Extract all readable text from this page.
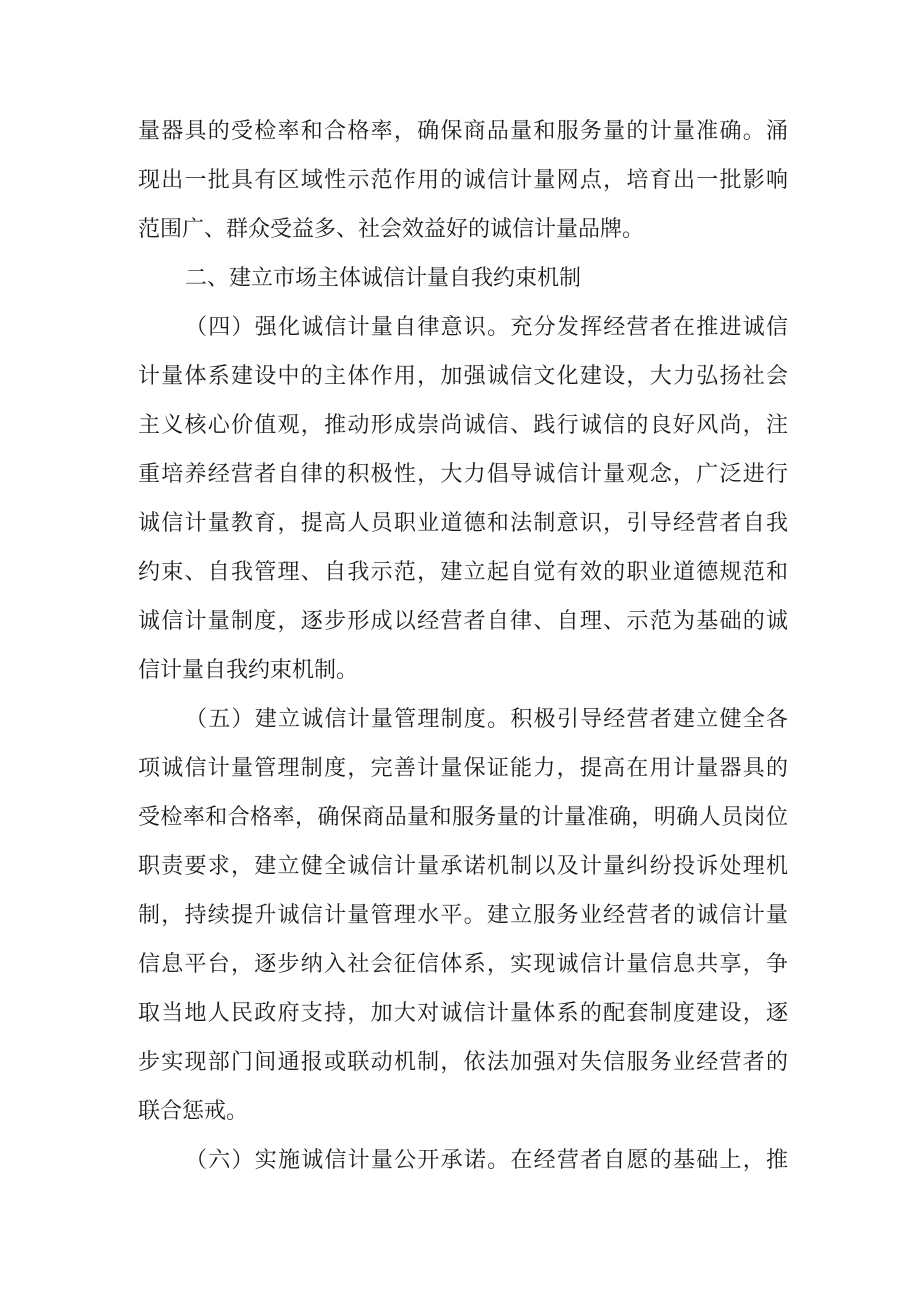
量器具的受检率和合格率，确保商品量和服务量的计量准确。涌
现出一批具有区域性示范作用的诚信计量网点，培育出一批影响
范围广、群众受益多、社会效益好的诚信计量品牌。
二、建立市场主体诚信计量自我约束机制
（四）强化诚信计量自律意识。充分发挥经营者在推进诚信
计量体系建设中的主体作用，加强诚信文化建设，大力弘扬社会
主义核心价值观，推动形成崇尚诚信、践行诚信的良好风尚，注
重培养经营者自律的积极性，大力倡导诚信计量观念，广泛进行
诚信计量教育，提高人员职业道德和法制意识，引导经营者自我
约束、自我管理、自我示范，建立起自觉有效的职业道德规范和
诚信计量制度，逐步形成以经营者自律、自理、示范为基础的诚
信计量自我约束机制。
（五）建立诚信计量管理制度。积极引导经营者建立健全各
项诚信计量管理制度，完善计量保证能力，提高在用计量器具的
受检率和合格率，确保商品量和服务量的计量准确，明确人员岗位
职责要求，建立健全诚信计量承诺机制以及计量纠纷投诉处理机
制，持续提升诚信计量管理水平。建立服务业经营者的诚信计量
信息平台，逐步纳入社会征信体系，实现诚信计量信息共享，争
取当地人民政府支持，加大对诚信计量体系的配套制度建设，逐
步实现部门间通报或联动机制，依法加强对失信服务业经营者的
联合惩戒。
（六）实施诚信计量公开承诺。在经营者自愿的基础上，推
